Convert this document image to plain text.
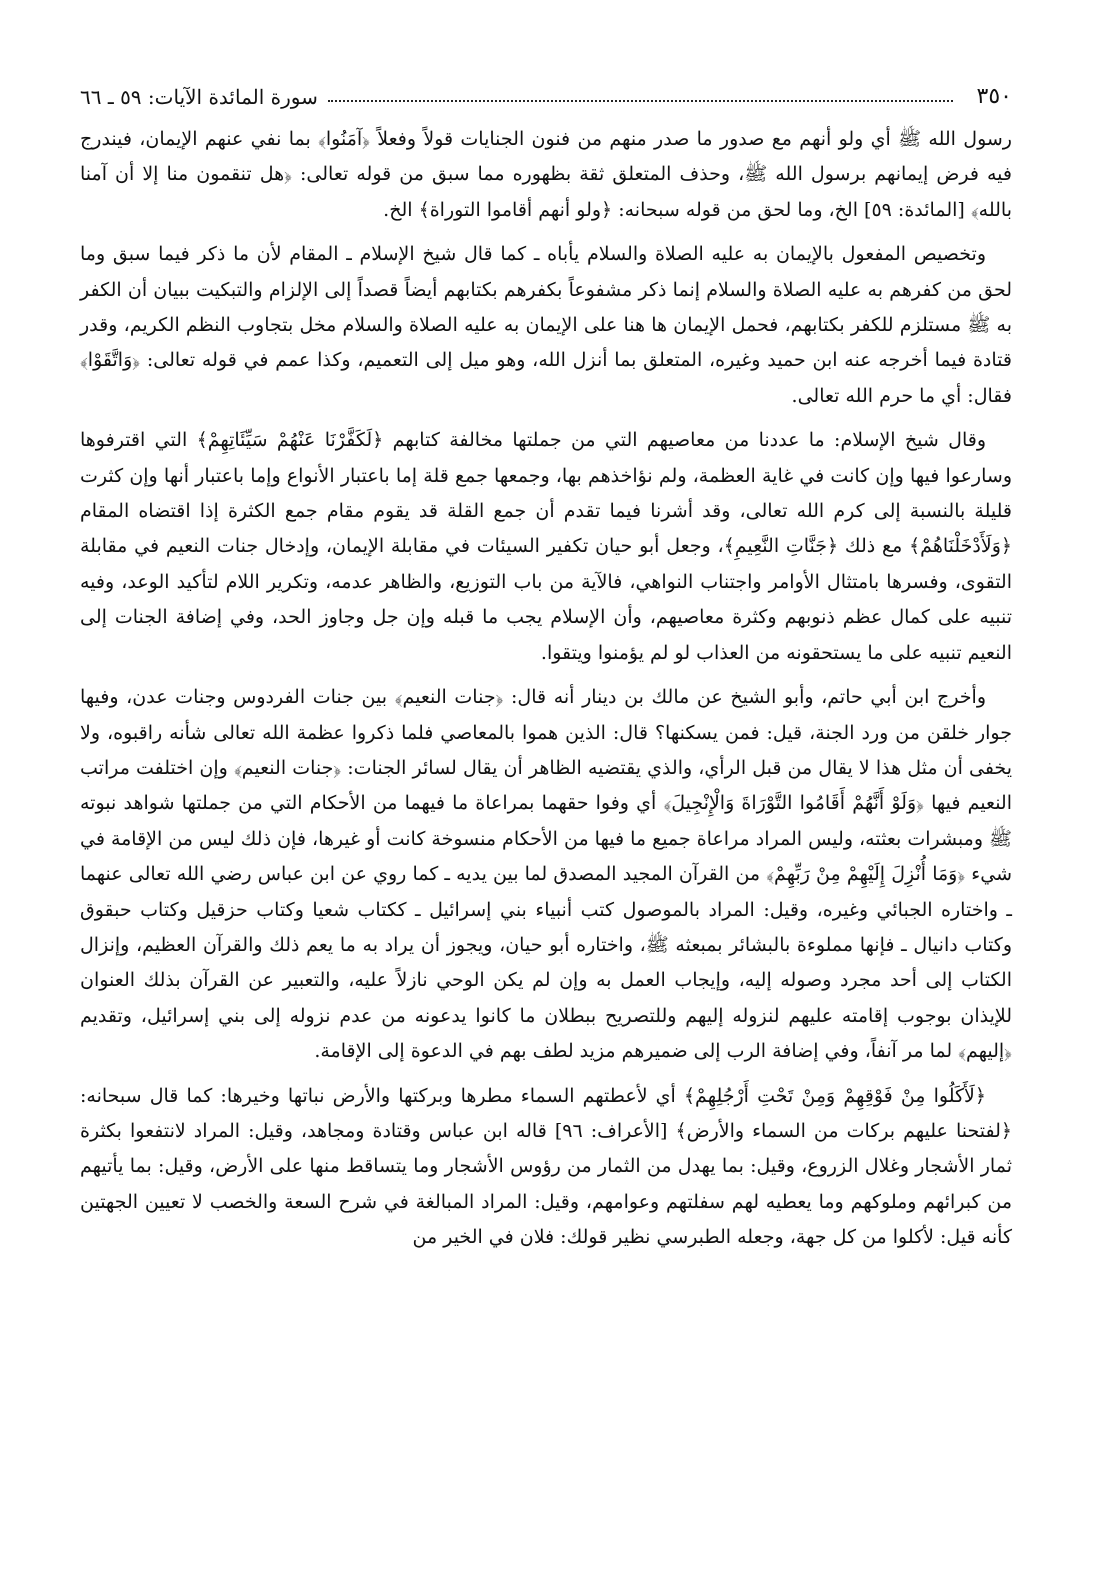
٣٥٠
سورة المائدة الآيات: ٥٩ ـ ٦٦

رسول الله ﷺ أي ولو أنهم مع صدور ما صدر منهم من فنون الجنايات قولاً وفعلاً ﴿آمَنُوا﴾ بما نفي عنهم الإيمان، فيندرج فيه فرض إيمانهم برسول الله ﷺ، وحذف المتعلق ثقة بظهوره مما سبق من قوله تعالى: ﴿هل تنقمون منا إلا أن آمنا بالله﴾ [المائدة: ٥٩] الخ، وما لحق من قوله سبحانه: ﴿ولو أنهم أقاموا التوراة﴾ الخ.

وتخصيص المفعول بالإيمان به عليه الصلاة والسلام يأباه ـ كما قال شيخ الإسلام ـ المقام لأن ما ذكر فيما سبق وما لحق من كفرهم به عليه الصلاة والسلام إنما ذكر مشفوعاً بكفرهم بكتابهم أيضاً قصداً إلى الإلزام والتبكيت ببيان أن الكفر به ﷺ مستلزم للكفر بكتابهم، فحمل الإيمان ها هنا على الإيمان به عليه الصلاة والسلام مخل بتجاوب النظم الكريم، وقدر قتادة فيما أخرجه عنه ابن حميد وغيره، المتعلق بما أنزل الله، وهو ميل إلى التعميم، وكذا عمم في قوله تعالى: ﴿وَاتَّقَوْا﴾ فقال: أي ما حرم الله تعالى.

وقال شيخ الإسلام: ما عددنا من معاصيهم التي من جملتها مخالفة كتابهم ﴿لَكَفَّرْنَا عَنْهُمْ سَيِّئَاتِهِمْ﴾ التي اقترفوها وسارعوا فيها وإن كانت في غاية العظمة، ولم نؤاخذهم بها، وجمعها جمع قلة إما باعتبار الأنواع وإما باعتبار أنها وإن كثرت قليلة بالنسبة إلى كرم الله تعالى، وقد أشرنا فيما تقدم أن جمع القلة قد يقوم مقام جمع الكثرة إذا اقتضاه المقام ﴿وَلَأَدْخَلْنَاهُمْ﴾ مع ذلك ﴿جَنَّاتِ النَّعِيمِ﴾، وجعل أبو حيان تكفير السيئات في مقابلة الإيمان، وإدخال جنات النعيم في مقابلة التقوى، وفسرها بامتثال الأوامر واجتناب النواهي، فالآية من باب التوزيع، والظاهر عدمه، وتكرير اللام لتأكيد الوعد، وفيه تنبيه على كمال عظم ذنوبهم وكثرة معاصيهم، وأن الإسلام يجب ما قبله وإن جل وجاوز الحد، وفي إضافة الجنات إلى النعيم تنبيه على ما يستحقونه من العذاب لو لم يؤمنوا ويتقوا.

وأخرج ابن أبي حاتم، وأبو الشيخ عن مالك بن دينار أنه قال: ﴿جنات النعيم﴾ بين جنات الفردوس وجنات عدن، وفيها جوار خلقن من ورد الجنة، قيل: فمن يسكنها؟ قال: الذين هموا بالمعاصي فلما ذكروا عظمة الله تعالى شأنه راقبوه، ولا يخفى أن مثل هذا لا يقال من قبل الرأي، والذي يقتضيه الظاهر أن يقال لسائر الجنات: ﴿جنات النعيم﴾ وإن اختلفت مراتب النعيم فيها ﴿وَلَوْ أَنَّهُمْ أَقَامُوا التَّوْرَاةَ وَالْإِنْجِيلَ﴾ أي وفوا حقهما بمراعاة ما فيهما من الأحكام التي من جملتها شواهد نبوته ﷺ ومبشرات بعثته، وليس المراد مراعاة جميع ما فيها من الأحكام منسوخة كانت أو غيرها، فإن ذلك ليس من الإقامة في شيء ﴿وَمَا أُنْزِلَ إِلَيْهِمْ مِنْ رَبِّهِمْ﴾ من القرآن المجيد المصدق لما بين يديه ـ كما روي عن ابن عباس رضي الله تعالى عنهما ـ واختاره الجبائي وغيره، وقيل: المراد بالموصول كتب أنبياء بني إسرائيل ـ ككتاب شعيا وكتاب حزقيل وكتاب حبقوق وكتاب دانيال ـ فإنها مملوءة بالبشائر بمبعثه ﷺ، واختاره أبو حيان، ويجوز أن يراد به ما يعم ذلك والقرآن العظيم، وإنزال الكتاب إلى أحد مجرد وصوله إليه، وإيجاب العمل به وإن لم يكن الوحي نازلاً عليه، والتعبير عن القرآن بذلك العنوان للإيذان بوجوب إقامته عليهم لنزوله إليهم وللتصريح ببطلان ما كانوا يدعونه من عدم نزوله إلى بني إسرائيل، وتقديم ﴿إليهم﴾ لما مر آنفاً، وفي إضافة الرب إلى ضميرهم مزيد لطف بهم في الدعوة إلى الإقامة.

﴿لَأَكَلُوا مِنْ فَوْقِهِمْ وَمِنْ تَحْتِ أَرْجُلِهِمْ﴾ أي لأعطتهم السماء مطرها وبركتها والأرض نباتها وخيرها: كما قال سبحانه: ﴿لفتحنا عليهم بركات من السماء والأرض﴾ [الأعراف: ٩٦] قاله ابن عباس وقتادة ومجاهد، وقيل: المراد لانتفعوا بكثرة ثمار الأشجار وغلال الزروع، وقيل: بما يهدل من الثمار من رؤوس الأشجار وما يتساقط منها على الأرض، وقيل: بما يأتيهم من كبرائهم وملوكهم وما يعطيه لهم سفلتهم وعوامهم، وقيل: المراد المبالغة في شرح السعة والخصب لا تعيين الجهتين كأنه قيل: لأكلوا من كل جهة، وجعله الطبرسي نظير قولك: فلان في الخير من
